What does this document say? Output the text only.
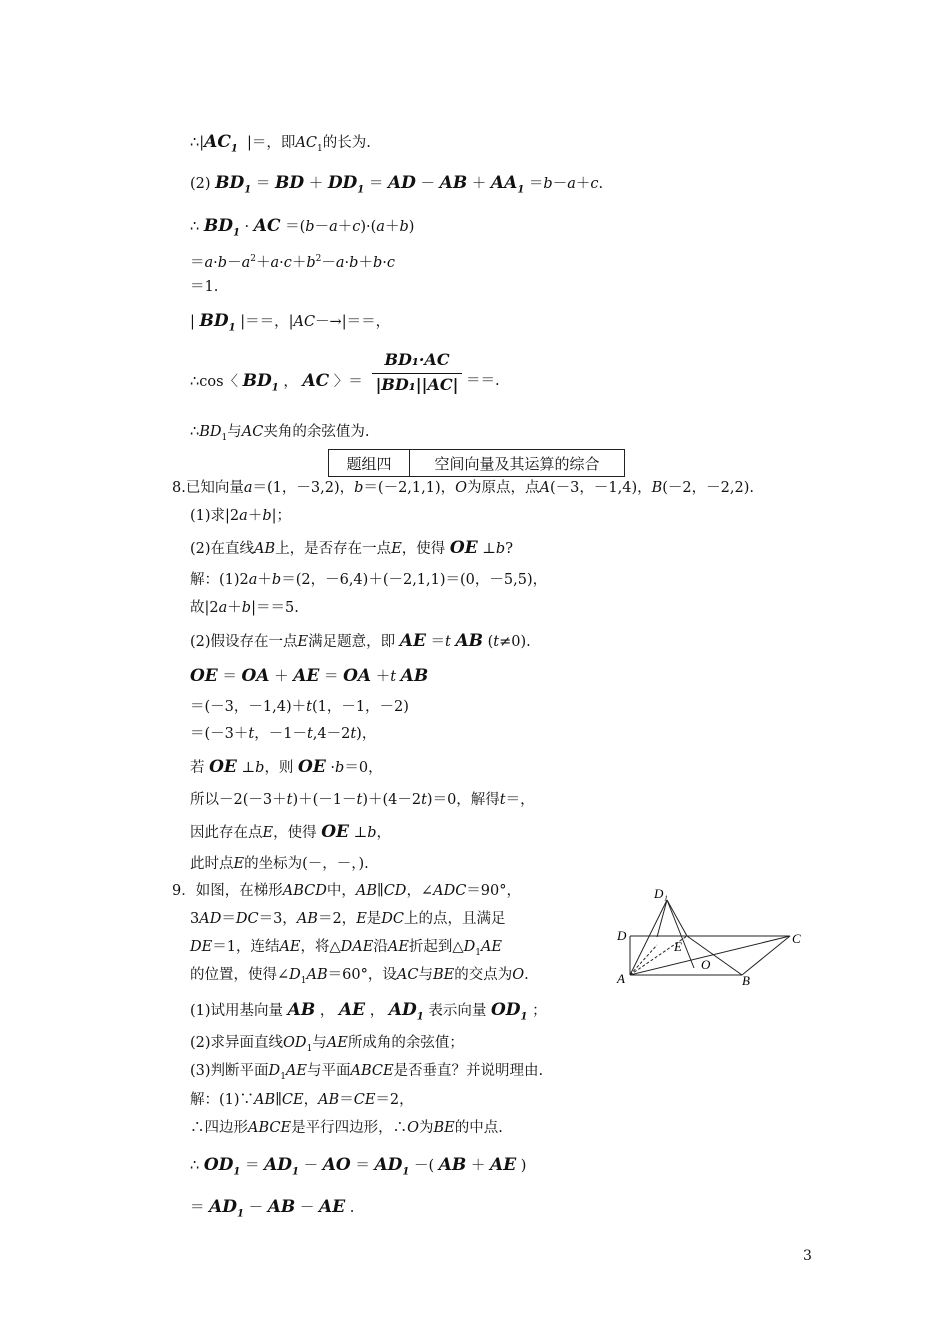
$\therefore|AC_1$  |＝，即$AC_1$的长为.
(2) $BD_1$ ＝ BD ＋ $DD_1$ ＝ AD － AB ＋ $AA_1 =b-a+c$.
∴ $BD_1$ · AC ＝(b－a＋c)·(a＋b)
$=a\cdot b-a^2+a\cdot c+b^2-a\cdot b+b\cdot c$
＝1.
| $BD_1$ |＝＝，|AC－→|＝＝，
∴cos〈 $BD_1$ ， AC 〉＝
BD₁·AC
|BD₁||AC| ＝＝.
$\therefore BD_1$与AC夹角的余弦值为.
题组四	空间向量及其运算的综合
8.已知向量a＝(1，－3,2)，b＝(－2,1,1)，O为原点，点A(－3，－1,4)，B(－2，－2,2).
(1)求|2a＋b|；
(2)在直线AB上，是否存在一点E，使得 OE ⊥b?
解：(1)2a＋b＝(2，－6,4)＋(－2,1,1)＝(0，－5,5)，
故|2a＋b|＝＝5.
(2)假设存在一点E满足题意，即 AE ＝t AB (t≠0).
OE ＝ OA ＋ AE ＝ OA ＋t AB
＝(－3，－1,4)＋t(1，－1，－2)
＝(－3＋t，－1－t,4－2t)，
若 OE ⊥b，则 OE ·b＝0，
所以－2(－3＋t)＋(－1－t)＋(4－2t)＝0，解得t＝，
因此存在点E，使得 OE ⊥b，
此时点E的坐标为(－，－，).
9．如图，在梯形ABCD中，AB∥CD，∠ADC＝90°，
3AD＝DC＝3，AB＝2，E是DC上的点，且满足
DE＝1，连结AE，将△DAE沿AE折起到$\triangle D_1AE$
的位置，使得$\angle D_1AB=60^\circ$，设AC与BE的交点为O.
(1)试用基向量 AB ， AE ， $AD_1$ 表示向量 $OD_1$ ；
(2)求异面直线$OD_1$与AE所成角的余弦值；
(3)判断平面$D_1AE$与平面ABCE是否垂直？并说明理由.
解：(1)∵AB∥CE，AB＝CE＝2，
∴四边形ABCE是平行四边形，∴O为BE的中点.
∴ $OD_1 = AD_1$ － AO ＝ $AD_1$ －( AB ＋ AE )
＝ $AD_1$ － AB － AE .
D₁
D
E
C
O
A	B
3
